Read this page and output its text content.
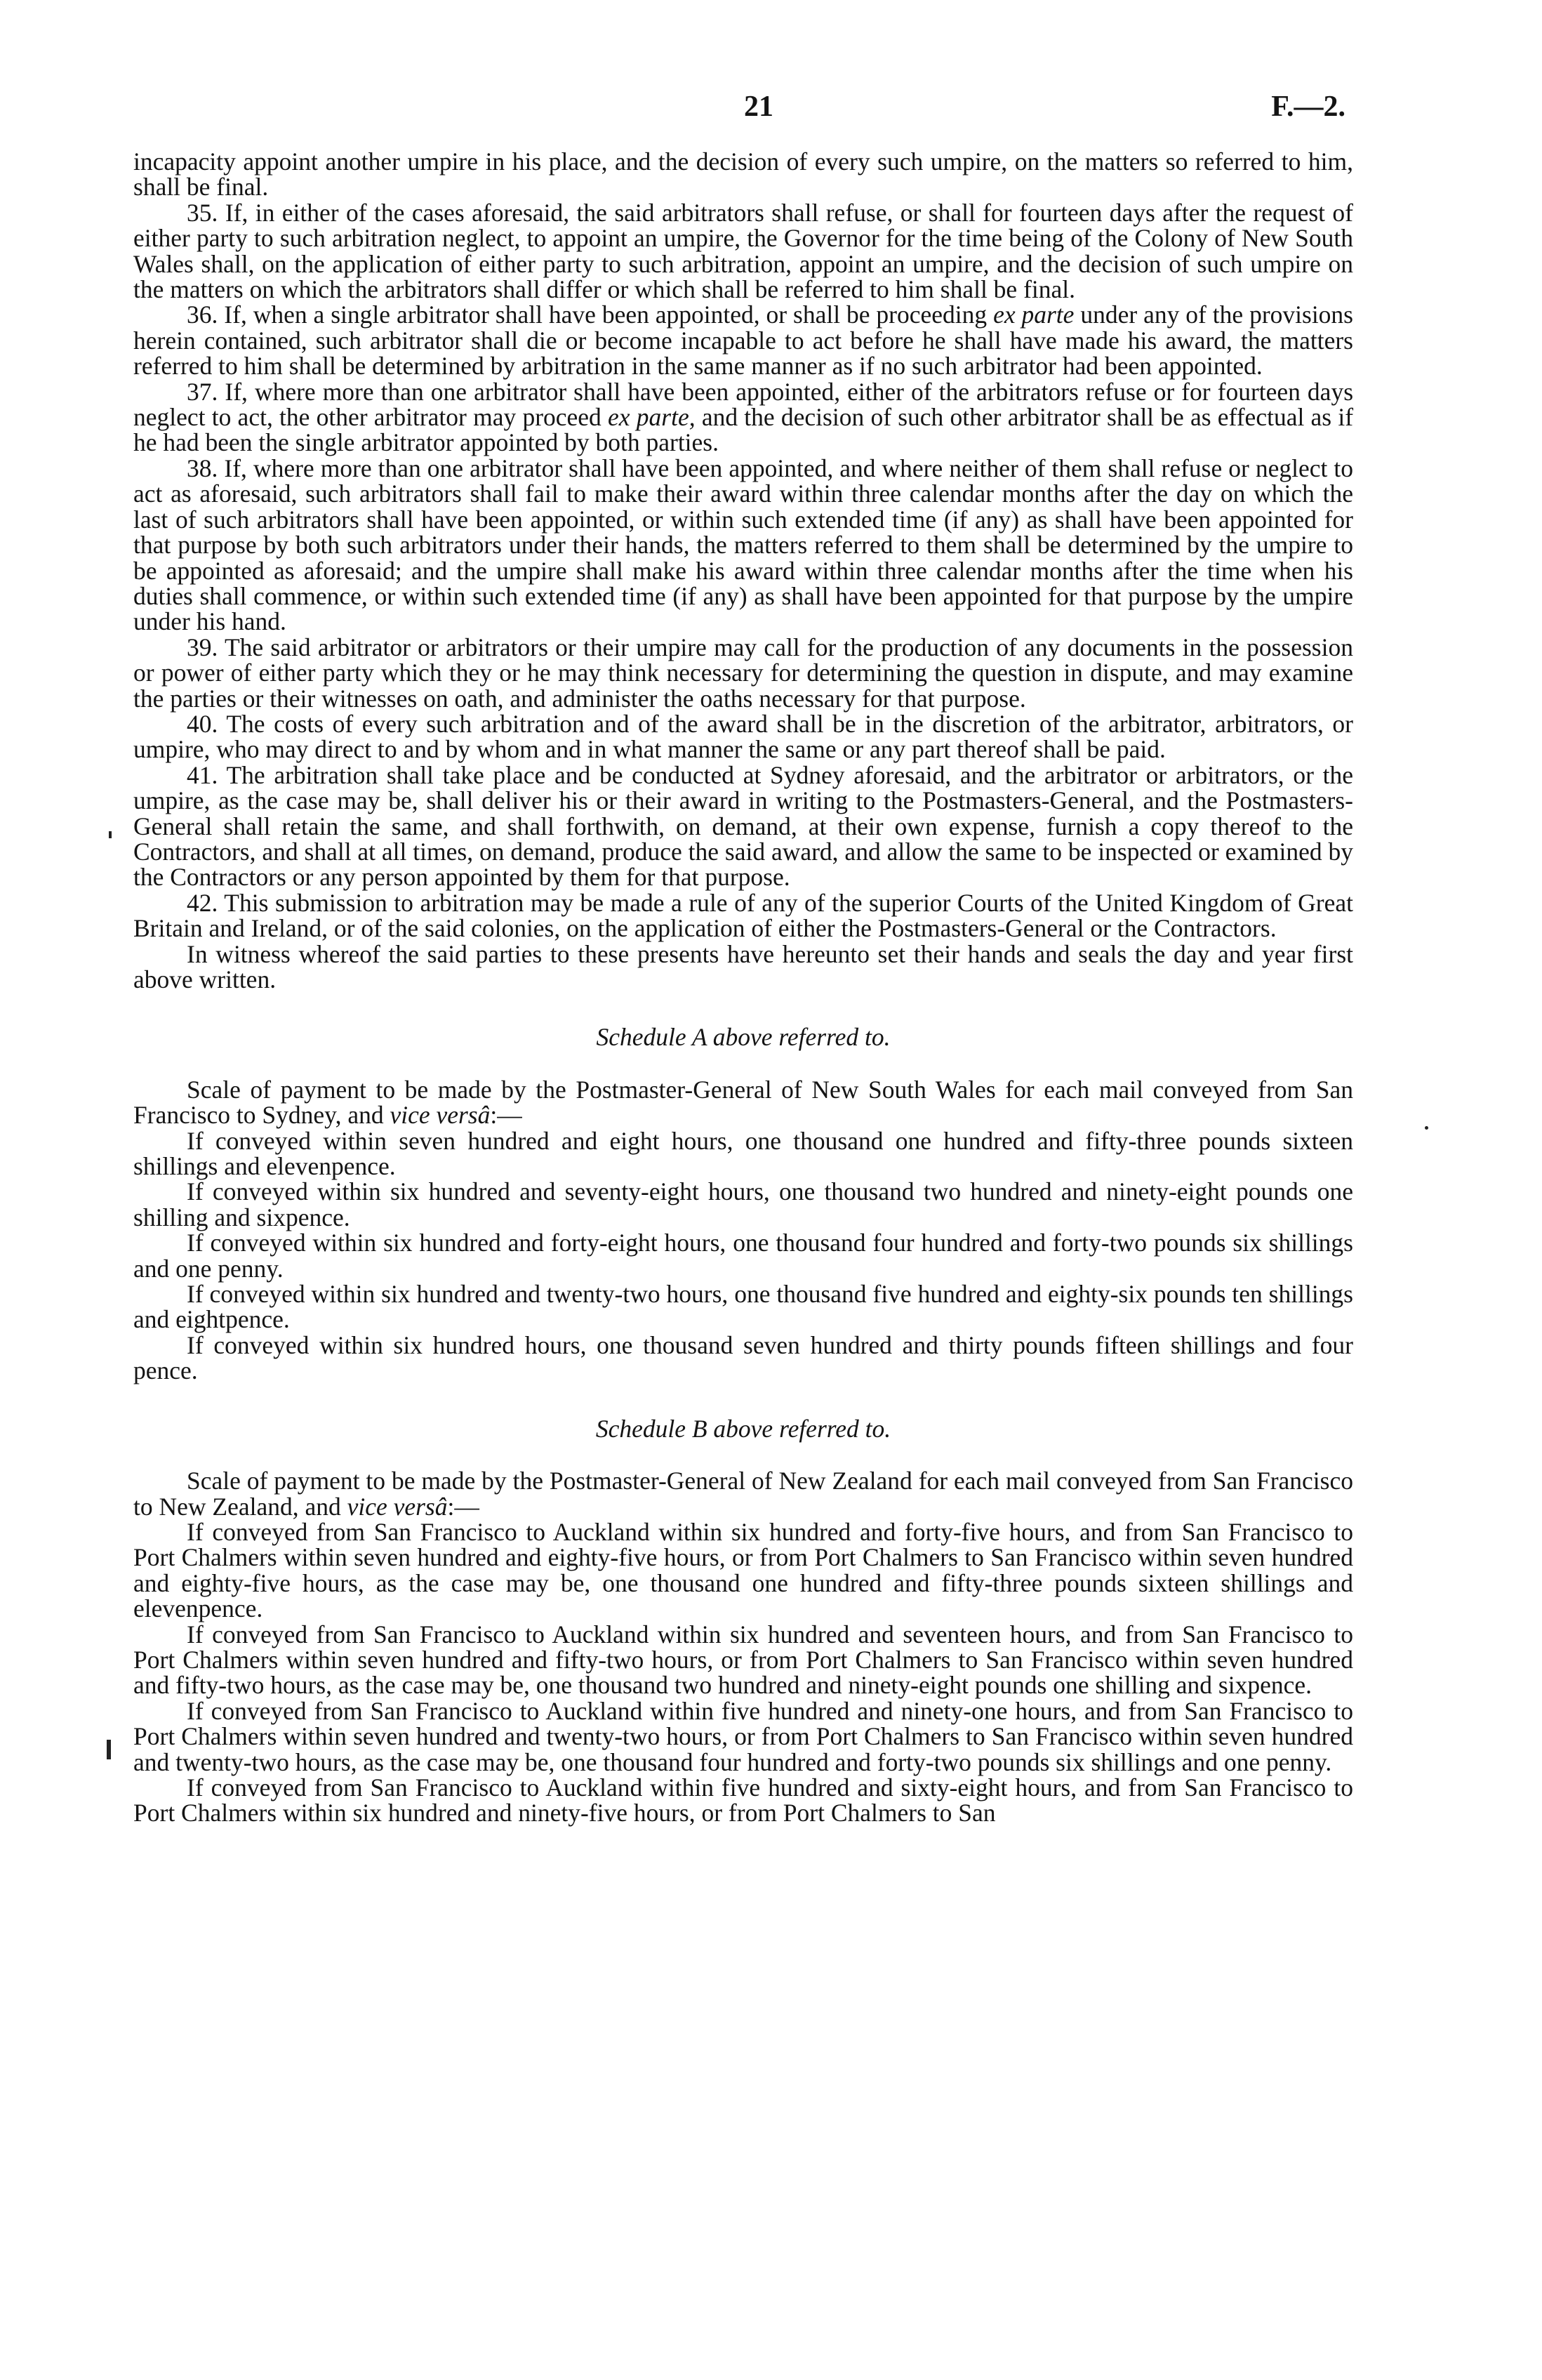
21	F.—2.

incapacity appoint another umpire in his place, and the decision of every such umpire, on the matters so referred to him, shall be final.

35. If, in either of the cases aforesaid, the said arbitrators shall refuse, or shall for fourteen days after the request of either party to such arbitration neglect, to appoint an umpire, the Governor for the time being of the Colony of New South Wales shall, on the application of either party to such arbitration, appoint an umpire, and the decision of such umpire on the matters on which the arbitrators shall differ or which shall be referred to him shall be final.

36. If, when a single arbitrator shall have been appointed, or shall be proceeding ex parte under any of the provisions herein contained, such arbitrator shall die or become incapable to act before he shall have made his award, the matters referred to him shall be determined by arbitration in the same manner as if no such arbitrator had been appointed.

37. If, where more than one arbitrator shall have been appointed, either of the arbitrators refuse or for fourteen days neglect to act, the other arbitrator may proceed ex parte, and the decision of such other arbitrator shall be as effectual as if he had been the single arbitrator appointed by both parties.

38. If, where more than one arbitrator shall have been appointed, and where neither of them shall refuse or neglect to act as aforesaid, such arbitrators shall fail to make their award within three calendar months after the day on which the last of such arbitrators shall have been appointed, or within such extended time (if any) as shall have been appointed for that purpose by both such arbitrators under their hands, the matters referred to them shall be determined by the umpire to be appointed as aforesaid; and the umpire shall make his award within three calendar months after the time when his duties shall commence, or within such extended time (if any) as shall have been appointed for that purpose by the umpire under his hand.

39. The said arbitrator or arbitrators or their umpire may call for the production of any documents in the possession or power of either party which they or he may think necessary for determining the question in dispute, and may examine the parties or their witnesses on oath, and administer the oaths necessary for that purpose.

40. The costs of every such arbitration and of the award shall be in the discretion of the arbitrator, arbitrators, or umpire, who may direct to and by whom and in what manner the same or any part thereof shall be paid.

41. The arbitration shall take place and be conducted at Sydney aforesaid, and the arbitrator or arbitrators, or the umpire, as the case may be, shall deliver his or their award in writing to the Postmasters-General, and the Postmasters-General shall retain the same, and shall forthwith, on demand, at their own expense, furnish a copy thereof to the Contractors, and shall at all times, on demand, produce the said award, and allow the same to be inspected or examined by the Contractors or any person appointed by them for that purpose.

42. This submission to arbitration may be made a rule of any of the superior Courts of the United Kingdom of Great Britain and Ireland, or of the said colonies, on the application of either the Postmasters-General or the Contractors.

In witness whereof the said parties to these presents have hereunto set their hands and seals the day and year first above written.

Schedule A above referred to.

Scale of payment to be made by the Postmaster-General of New South Wales for each mail conveyed from San Francisco to Sydney, and vice versâ:—

If conveyed within seven hundred and eight hours, one thousand one hundred and fifty-three pounds sixteen shillings and elevenpence.

If conveyed within six hundred and seventy-eight hours, one thousand two hundred and ninety-eight pounds one shilling and sixpence.

If conveyed within six hundred and forty-eight hours, one thousand four hundred and forty-two pounds six shillings and one penny.

If conveyed within six hundred and twenty-two hours, one thousand five hundred and eighty-six pounds ten shillings and eightpence.

If conveyed within six hundred hours, one thousand seven hundred and thirty pounds fifteen shillings and four pence.

Schedule B above referred to.

Scale of payment to be made by the Postmaster-General of New Zealand for each mail conveyed from San Francisco to New Zealand, and vice versâ:—

If conveyed from San Francisco to Auckland within six hundred and forty-five hours, and from San Francisco to Port Chalmers within seven hundred and eighty-five hours, or from Port Chalmers to San Francisco within seven hundred and eighty-five hours, as the case may be, one thousand one hundred and fifty-three pounds sixteen shillings and elevenpence.

If conveyed from San Francisco to Auckland within six hundred and seventeen hours, and from San Francisco to Port Chalmers within seven hundred and fifty-two hours, or from Port Chalmers to San Francisco within seven hundred and fifty-two hours, as the case may be, one thousand two hundred and ninety-eight pounds one shilling and sixpence.

If conveyed from San Francisco to Auckland within five hundred and ninety-one hours, and from San Francisco to Port Chalmers within seven hundred and twenty-two hours, or from Port Chalmers to San Francisco within seven hundred and twenty-two hours, as the case may be, one thousand four hundred and forty-two pounds six shillings and one penny.

If conveyed from San Francisco to Auckland within five hundred and sixty-eight hours, and from San Francisco to Port Chalmers within six hundred and ninety-five hours, or from Port Chalmers to San
